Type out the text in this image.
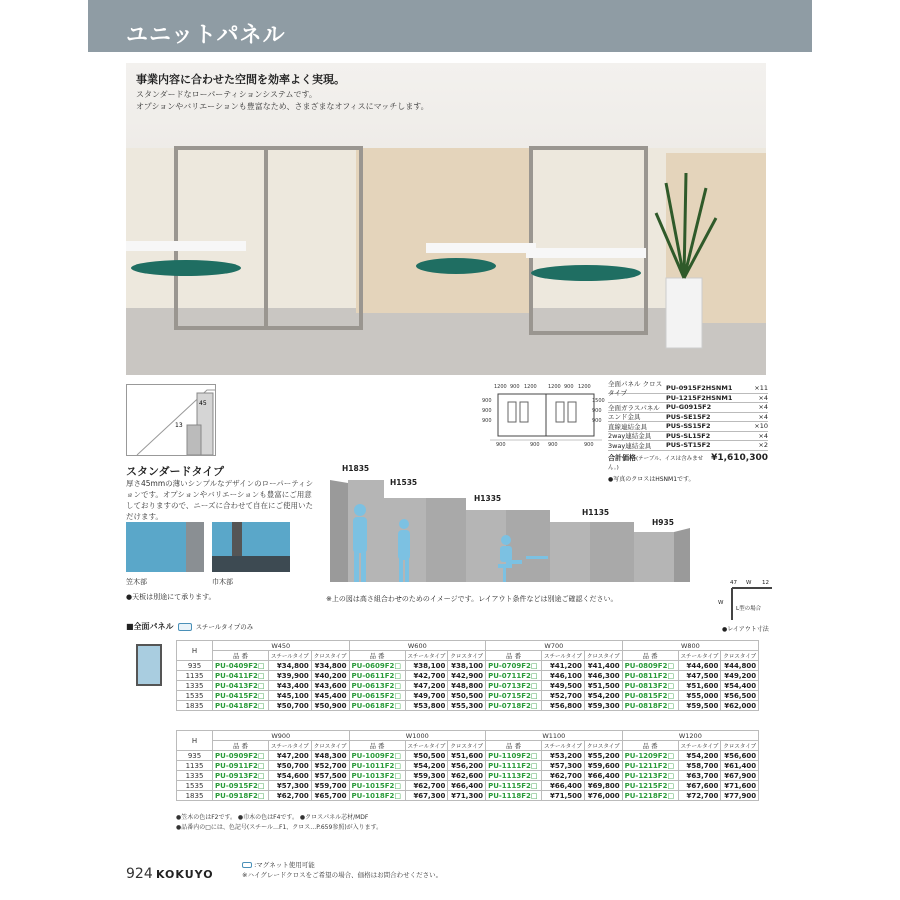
ユニットパネル
事業内容に合わせた空間を効率よく実現。
スタンダードなローパーティションシステムです。
オプションやバリエーションも豊富なため、さまざまなオフィスにマッチします。
45
13
スタンダードタイプ
厚さ45mmの薄いシンプルなデザインのローパーティションです。オプションやバリエーションも豊富にご用意しておりますので、ニーズに合わせて自在にご使用いただけます。
笠木部	巾木部
●天板は別途にて承ります。
1200 900 1200 1200 900 1200
900
900
900
1500
900
900
900	900 900	900
全面パネル クロスタイプ
PU-0915F2HSNM1	×11
PU-1215F2HSNM1	×4
全面ガラスパネル PU-G0915F2	×4
エンド金具	PUS-SE15F2	×4
直線連結金具	PUS-SS15F2	×10
2way連結金具	PUS-SL15F2	×4
3way連結金具	PUS-ST15F2	×2
合計価格(テーブル、イスは含みません。)
¥1,610,300
●写真のクロスはHSNM1です。
H1835
H1535
H1335
H1135
H935
※上の図は高さ組合わせのためのイメージです。レイアウト条件などは別途ご確認ください。
47 W 12
L型の場合
W
●レイアウト寸法
■全面パネル	スチールタイプのみ
H	W450			W600			W700			W800		
	品 番	スチールタイプ	クロスタイプ	品 番	スチールタイプ	クロスタイプ	品 番	スチールタイプ	クロスタイプ	品 番	スチールタイプ	クロスタイプ
935	PU-0409F2□	¥34,800	¥34,800	PU-0609F2□	¥38,100	¥38,100	PU-0709F2□	¥41,200	¥41,400	PU-0809F2□	¥44,600	¥44,800
1135	PU-0411F2□	¥39,900	¥40,200	PU-0611F2□	¥42,700	¥42,900	PU-0711F2□	¥46,100	¥46,300	PU-0811F2□	¥47,500	¥49,200
1335	PU-0413F2□	¥43,400	¥43,600	PU-0613F2□	¥47,200	¥48,800	PU-0713F2□	¥49,500	¥51,500	PU-0813F2□	¥51,600	¥54,400
1535	PU-0415F2□	¥45,100	¥45,400	PU-0615F2□	¥49,700	¥50,500	PU-0715F2□	¥52,700	¥54,200	PU-0815F2□	¥55,000	¥56,500
1835	PU-0418F2□	¥50,700	¥50,900	PU-0618F2□	¥53,800	¥55,300	PU-0718F2□	¥56,800	¥59,300	PU-0818F2□	¥59,500	¥62,000
H	W900			W1000			W1100			W1200		
	品 番	スチールタイプ	クロスタイプ	品 番	スチールタイプ	クロスタイプ	品 番	スチールタイプ	クロスタイプ	品 番	スチールタイプ	クロスタイプ
935	PU-0909F2□	¥47,200	¥48,300	PU-1009F2□	¥50,500	¥51,600	PU-1109F2□	¥53,200	¥55,200	PU-1209F2□	¥54,200	¥56,600
1135	PU-0911F2□	¥50,700	¥52,700	PU-1011F2□	¥54,200	¥56,200	PU-1111F2□	¥57,300	¥59,600	PU-1211F2□	¥58,700	¥61,400
1335	PU-0913F2□	¥54,600	¥57,500	PU-1013F2□	¥59,300	¥62,600	PU-1113F2□	¥62,700	¥66,400	PU-1213F2□	¥63,700	¥67,900
1535	PU-0915F2□	¥57,300	¥59,700	PU-1015F2□	¥62,700	¥66,400	PU-1115F2□	¥66,400	¥69,800	PU-1215F2□	¥67,600	¥71,600
1835	PU-0918F2□	¥62,700	¥65,700	PU-1018F2□	¥67,300	¥71,300	PU-1118F2□	¥71,500	¥76,000	PU-1218F2□	¥72,700	¥77,900
●笠木の色はF2です。 ●巾木の色はF4です。 ●クロスパネル芯材/MDF
●品番内の□には、色記号(スチール…F1、クロス…P.659参照)が入ります。
924 KOKUYO
:マグネット使用可能
※ハイグレードクロスをご希望の場合、価格はお問合わせください。
